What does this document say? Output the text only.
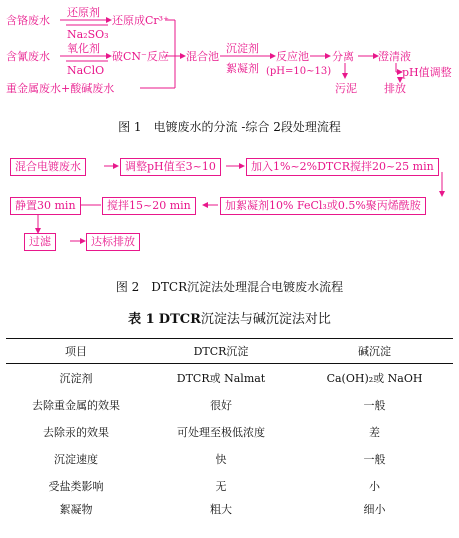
含铬废水
还原剂
Na₂SO₃
还原成Cr³⁺
含氰废水
氧化剂
NaClO
破CN⁻反应
重金属废水+酸碱废水
混合池
沉淀剂
絮凝剂
反应池
(pH=10~13)
分离 澄清液
pH值调整
污泥 排放
图 1　电镀废水的分流 -综合 2段处理流程
混合电镀废水	调整pH值至3~10	加入1%~2%DTCR搅拌20~25 min
加絮凝剂10% FeCl₃或0.5%聚丙烯酰胺
搅拌15~20 min
静置30 min
过滤	达标排放
图 2　DTCR沉淀法处理混合电镀废水流程
表 1 DTCR沉淀法与碱沉淀法对比
项目	DTCR沉淀	碱沉淀
沉淀剂	DTCR或 Nalmat	Ca(OH)₂或 NaOH
去除重金属的效果	很好	一般
去除汞的效果	可处理至极低浓度	差
沉淀速度	快	一般
受盐类影响	无	小
絮凝物	粗大	细小
